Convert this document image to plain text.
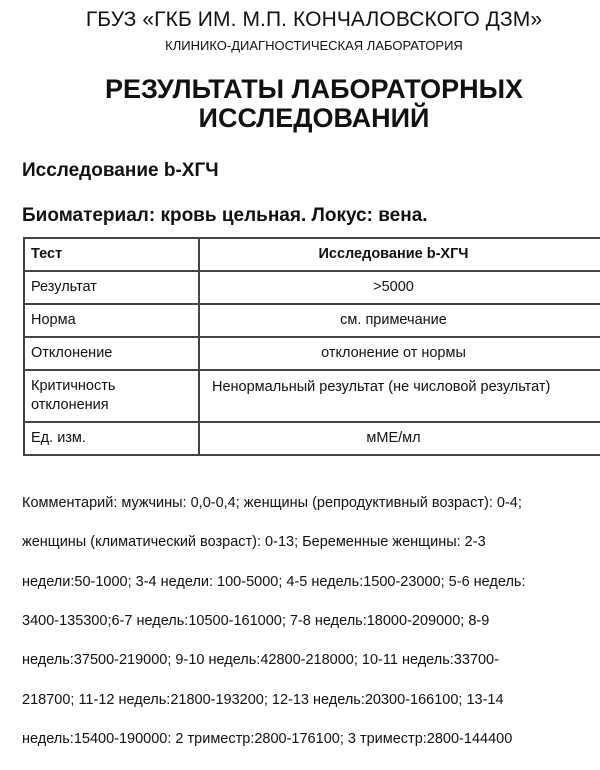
ГБУЗ «ГКБ ИМ. М.П. КОНЧАЛОВСКОГО ДЗМ»
КЛИНИКО-ДИАГНОСТИЧЕСКАЯ ЛАБОРАТОРИЯ
РЕЗУЛЬТАТЫ ЛАБОРАТОРНЫХ
ИССЛЕДОВАНИЙ
Исследование b-ХГЧ
Биоматериал: кровь цельная. Локус: вена.
Тест	Исследование b-ХГЧ
Результат	>5000
Норма	см. примечание
Отклонение	отклонение от нормы

Критичность
отклонения	Ненормальный результат (не числовой результат)

Ед. изм.	мМЕ/мл

Комментарий: мужчины: 0,0-0,4; женщины (репродуктивный возраст): 0-4;

женщины (климатический возраст): 0-13; Беременные женщины: 2-3

недели:50-1000; 3-4 недели: 100-5000; 4-5 недель:1500-23000; 5-6 недель:

3400-135300;6-7 недель:10500-161000; 7-8 недель:18000-209000; 8-9

недель:37500-219000; 9-10 недель:42800-218000; 10-11 недель:33700-

218700; 11-12 недель:21800-193200; 12-13 недель:20300-166100; 13-14

недель:15400-190000: 2 триместр:2800-176100; 3 триместр:2800-144400
